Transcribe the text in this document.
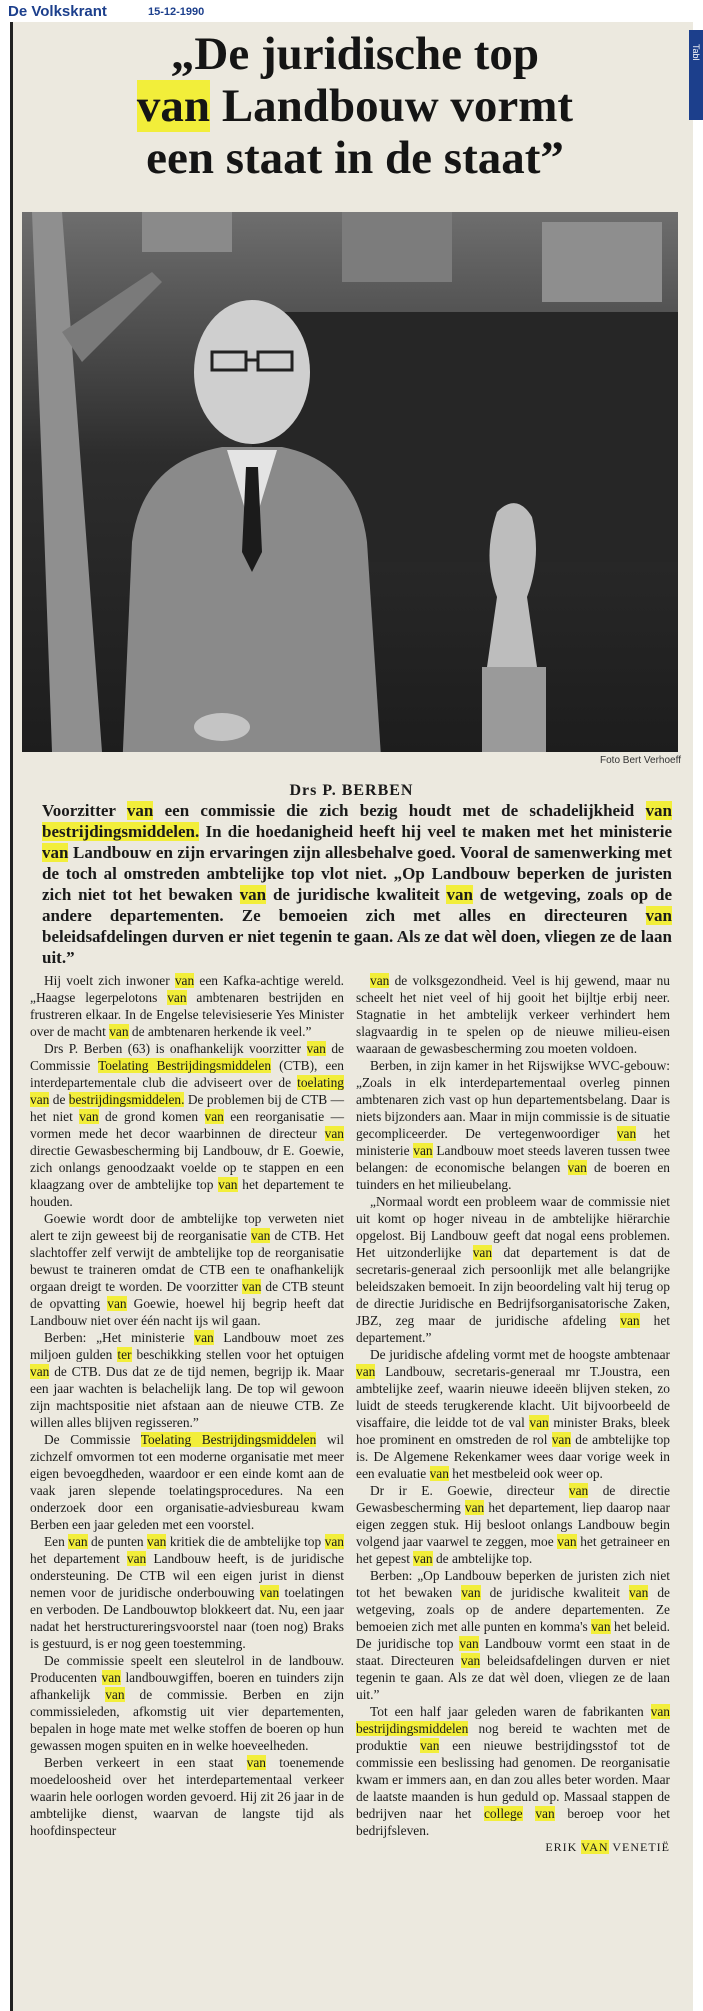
De Volkskrant	15-12-1990
Tabl
„De juridische top
van Landbouw vormt
een staat in de staat”
Foto Bert Verhoeff
Drs P. BERBEN
Voorzitter van een commissie die zich bezig houdt met de schadelijkheid van bestrijdingsmiddelen. In die hoedanigheid heeft hij veel te maken met het ministerie van Landbouw en zijn ervaringen zijn allesbehalve goed. Vooral de samenwerking met de toch al omstreden ambtelijke top vlot niet. „Op Landbouw beperken de juristen zich niet tot het bewaken van de juridische kwaliteit van de wetgeving, zoals op de andere departementen. Ze bemoeien zich met alles en directeuren van beleidsafdelingen durven er niet tegenin te gaan. Als ze dat wèl doen, vliegen ze de laan uit.”

Hij voelt zich inwoner van een Kafka-achtige wereld. „Haagse legerpelotons van ambtenaren bestrijden en frustreren elkaar. In de Engelse televisieserie Yes Minister over de macht van de ambtenaren herkende ik veel.”

Drs P. Berben (63) is onafhankelijk voorzitter van de Commissie Toelating Bestrijdingsmiddelen (CTB), een interdepartementale club die adviseert over de toelating van de bestrijdingsmiddelen. De problemen bij de CTB — het niet van de grond komen van een reorganisatie — vormen mede het decor waarbinnen de directeur van directie Gewasbescherming bij Landbouw, dr E. Goewie, zich onlangs genoodzaakt voelde op te stappen en een klaagzang over de ambtelijke top van het departement te houden.

Goewie wordt door de ambtelijke top verweten niet alert te zijn geweest bij de reorganisatie van de CTB. Het slachtoffer zelf verwijt de ambtelijke top de reorganisatie bewust te traineren omdat de CTB een te onafhankelijk orgaan dreigt te worden. De voorzitter van de CTB steunt de opvatting van Goewie, hoewel hij begrip heeft dat Landbouw niet over één nacht ijs wil gaan.

Berben: „Het ministerie van Landbouw moet zes miljoen gulden ter beschikking stellen voor het optuigen van de CTB. Dus dat ze de tijd nemen, begrijp ik. Maar een jaar wachten is belachelijk lang. De top wil gewoon zijn machtspositie niet afstaan aan de nieuwe CTB. Ze willen alles blijven regisseren.”

De Commissie Toelating Bestrijdingsmiddelen wil zichzelf omvormen tot een moderne organisatie met meer eigen bevoegdheden, waardoor er een einde komt aan de vaak jaren slepende toelatingsprocedures. Na een onderzoek door een organisatie-adviesbureau kwam Berben een jaar geleden met een voorstel.

Een van de punten van kritiek die de ambtelijke top van het departement van Landbouw heeft, is de juridische ondersteuning. De CTB wil een eigen jurist in dienst nemen voor de juridische onderbouwing van toelatingen en verboden. De Landbouwtop blokkeert dat. Nu, een jaar nadat het herstructureringsvoorstel naar (toen nog) Braks is gestuurd, is er nog geen toestemming.

De commissie speelt een sleutelrol in de landbouw. Producenten van landbouwgiffen, boeren en tuinders zijn afhankelijk van de commissie. Berben en zijn commissieleden, afkomstig uit vier departementen, bepalen in hoge mate met welke stoffen de boeren op hun gewassen mogen spuiten en in welke hoeveelheden.

Berben verkeert in een staat van toenemende moedeloosheid over het interdepartementaal verkeer waarin hele oorlogen worden gevoerd. Hij zit 26 jaar in de ambtelijke dienst, waarvan de langste tijd als hoofdinspecteur

van de volksgezondheid. Veel is hij gewend, maar nu scheelt het niet veel of hij gooit het bijltje erbij neer. Stagnatie in het ambtelijk verkeer verhindert hem slagvaardig in te spelen op de nieuwe milieu-eisen waaraan de gewasbescherming zou moeten voldoen.

Berben, in zijn kamer in het Rijswijkse WVC-gebouw: „Zoals in elk interdepartementaal overleg pinnen ambtenaren zich vast op hun departementsbelang. Daar is niets bijzonders aan. Maar in mijn commissie is de situatie gecompliceerder. De vertegenwoordiger van het ministerie van Landbouw moet steeds laveren tussen twee belangen: de economische belangen van de boeren en tuinders en het milieubelang.

„Normaal wordt een probleem waar de commissie niet uit komt op hoger niveau in de ambtelijke hiërarchie opgelost. Bij Landbouw geeft dat nogal eens problemen. Het uitzonderlijke van dat departement is dat de secretaris-generaal zich persoonlijk met alle belangrijke beleidszaken bemoeit. In zijn beoordeling valt hij terug op de directie Juridische en Bedrijfsorganisatorische Zaken, JBZ, zeg maar de juridische afdeling van het departement.”

De juridische afdeling vormt met de hoogste ambtenaar van Landbouw, secretaris-generaal mr T.Joustra, een ambtelijke zeef, waarin nieuwe ideeën blijven steken, zo luidt de steeds terugkerende klacht. Uit bijvoorbeeld de visaffaire, die leidde tot de val van minister Braks, bleek hoe prominent en omstreden de rol van de ambtelijke top is. De Algemene Rekenkamer wees daar vorige week in een evaluatie van het mestbeleid ook weer op.

Dr ir E. Goewie, directeur van de directie Gewasbescherming van het departement, liep daarop naar eigen zeggen stuk. Hij besloot onlangs Landbouw begin volgend jaar vaarwel te zeggen, moe van het getraineer en het gepest van de ambtelijke top.

Berben: „Op Landbouw beperken de juristen zich niet tot het bewaken van de juridische kwaliteit van de wetgeving, zoals op de andere departementen. Ze bemoeien zich met alle punten en komma's van het beleid. De juridische top van Landbouw vormt een staat in de staat. Directeuren van beleidsafdelingen durven er niet tegenin te gaan. Als ze dat wèl doen, vliegen ze de laan uit.”

Tot een half jaar geleden waren de fabrikanten van bestrijdingsmiddelen nog bereid te wachten met de produktie van een nieuwe bestrijdingsstof tot de commissie een beslissing had genomen. De reorganisatie kwam er immers aan, en dan zou alles beter worden. Maar de laatste maanden is hun geduld op. Massaal stappen de bedrijven naar het college van beroep voor het bedrijfsleven.

ERIK VAN VENETIË
